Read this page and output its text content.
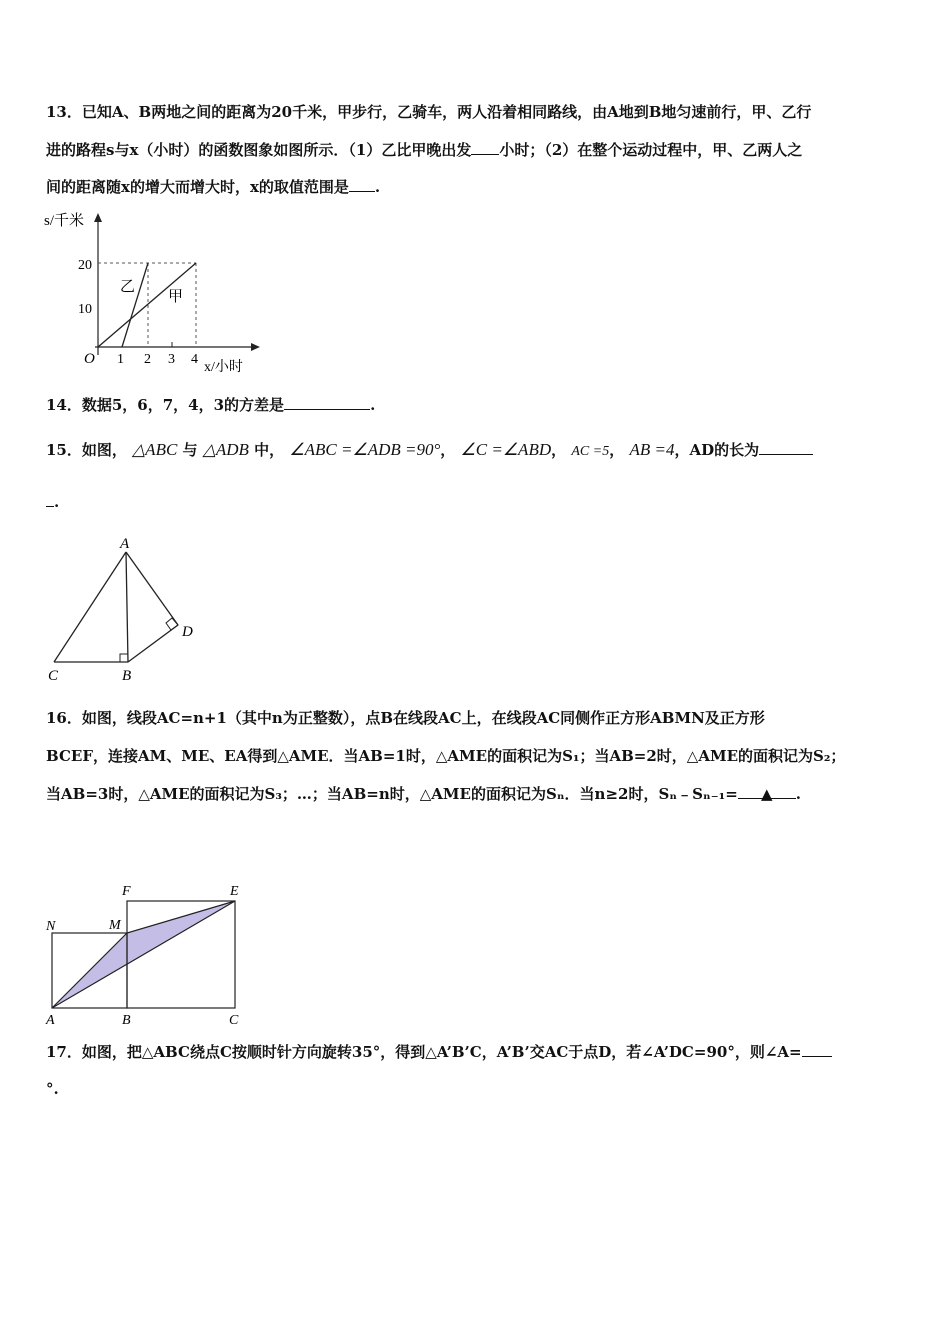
13．已知A、B两地之间的距离为20千米，甲步行，乙骑车，两人沿着相同路线，由A地到B地匀速前行，甲、乙行
进的路程s与x（小时）的函数图象如图所示．（1）乙比甲晚出发 小时；（2）在整个运动过程中，甲、乙两人之
间的距离随x的增大而增大时，x的取值范围是 .
s/千米
20
10
O 1 2 3 4
x/小时
乙
甲
14．数据5，6，7，4，3的方差是	.
15．如图， △ABC 与 △ADB 中， ∠ABC =∠ADB =90°， ∠C =∠ABD， AC =5， AB =4，AD的长为
.
A
C	B
D
16．如图，线段AC=n+1（其中n为正整数），点B在线段AC上，在线段AC同侧作正方形ABMN及正方形
BCEF，连接AM、ME、EA得到△AME．当AB=1时，△AME的面积记为S₁；当AB=2时，△AME的面积记为S₂；
当AB=3时，△AME的面积记为S₃；…；当AB=n时，△AME的面积记为Sₙ．当n≥2时，Sₙ﹣Sₙ₋₁= ▲ .
N	M
F	E
A	B	C
17．如图，把△ABC绕点C按顺时针方向旋转35°，得到△A’B’C，A’B’交AC于点D，若∠A’DC=90°，则∠A=
°.
